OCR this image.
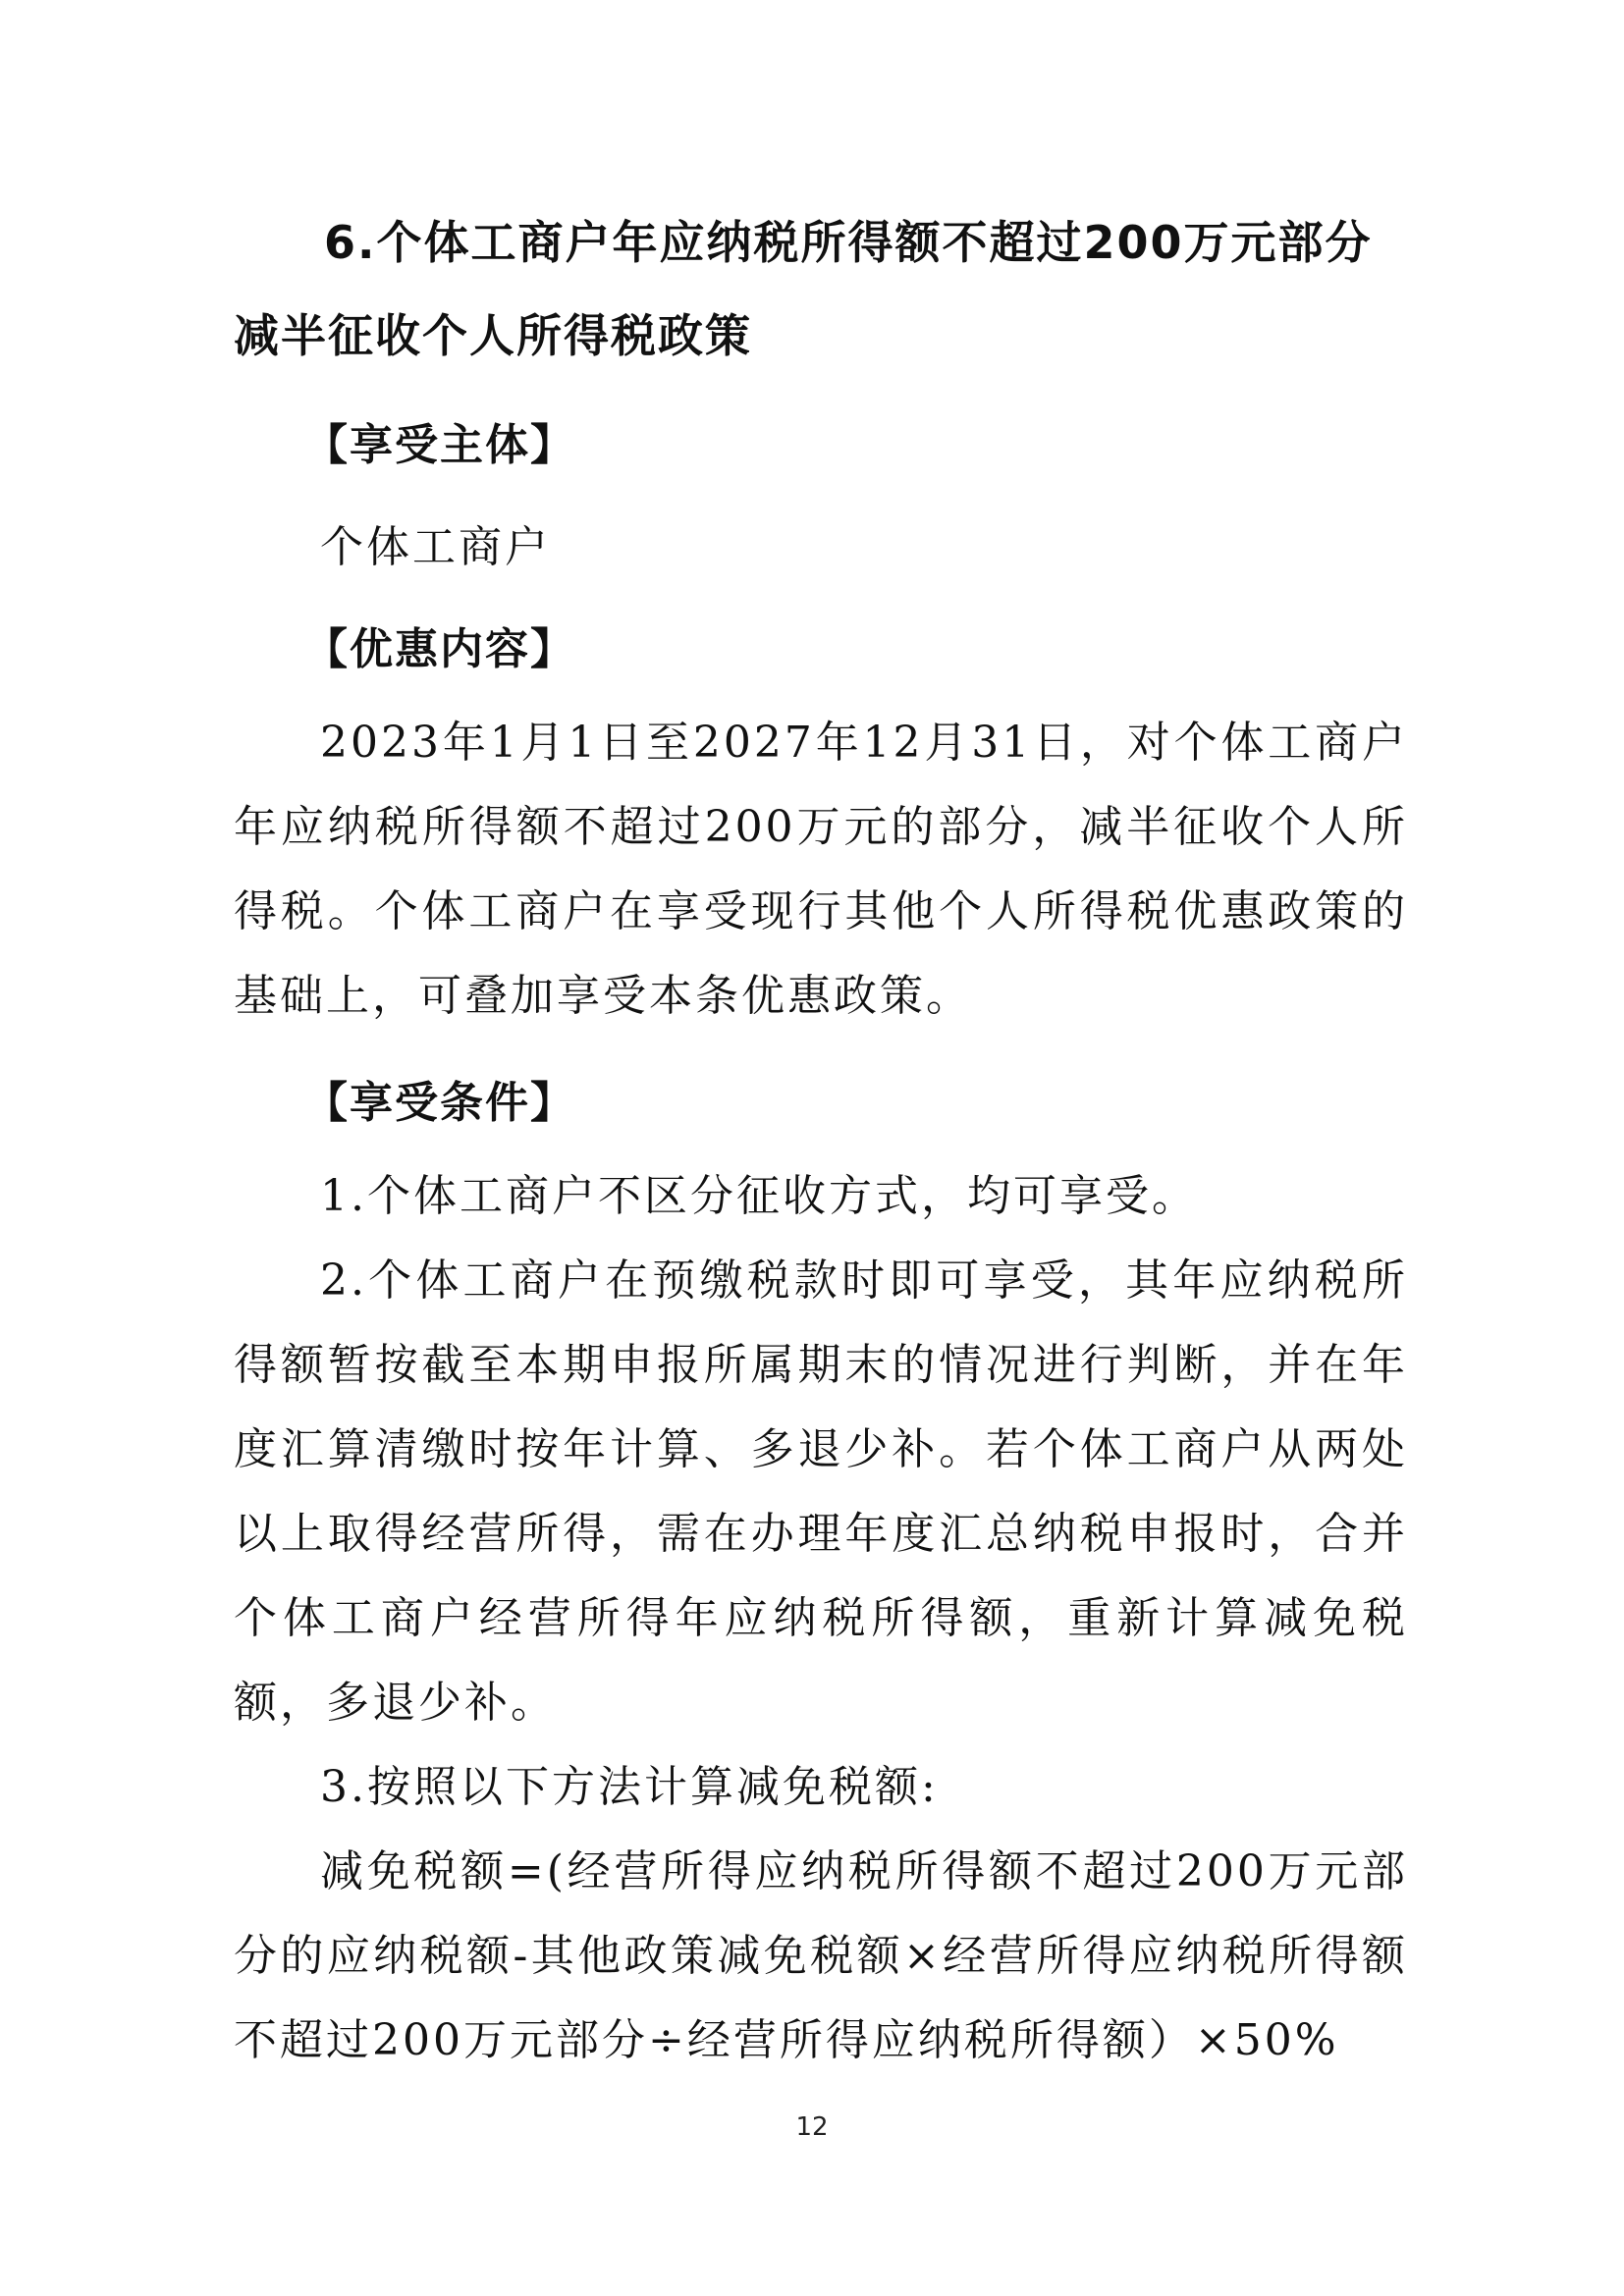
6.个体工商户年应纳税所得额不超过200万元部分减半征收个人所得税政策

【享受主体】

个体工商户

【优惠内容】

2023年1月1日至2027年12月31日，对个体工商户年应纳税所得额不超过200万元的部分，减半征收个人所得税。个体工商户在享受现行其他个人所得税优惠政策的基础上，可叠加享受本条优惠政策。

【享受条件】

1.个体工商户不区分征收方式，均可享受。

2.个体工商户在预缴税款时即可享受，其年应纳税所得额暂按截至本期申报所属期末的情况进行判断，并在年度汇算清缴时按年计算、多退少补。若个体工商户从两处以上取得经营所得，需在办理年度汇总纳税申报时，合并个体工商户经营所得年应纳税所得额，重新计算减免税额，多退少补。

3.按照以下方法计算减免税额:

减免税额=(经营所得应纳税所得额不超过200万元部分的应纳税额-其他政策减免税额×经营所得应纳税所得额不超过200万元部分÷经营所得应纳税所得额）×50%

12
